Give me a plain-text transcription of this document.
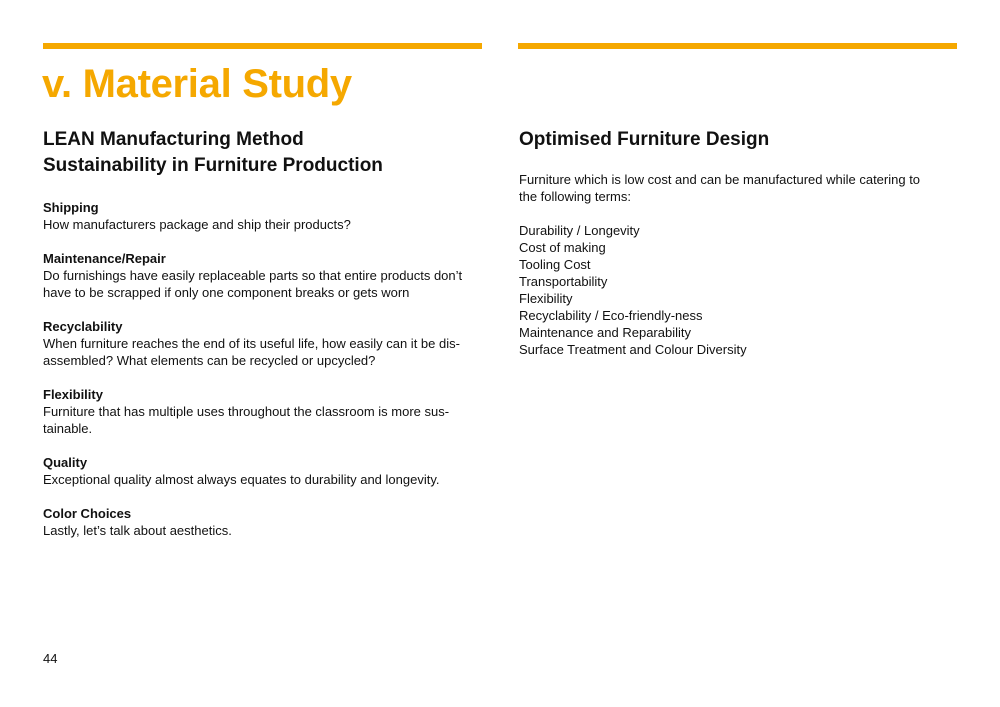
v. Material Study
LEAN Manufacturing Method
Sustainability in Furniture Production
Shipping
How manufacturers package and ship their products?
Maintenance/Repair
Do furnishings have easily replaceable parts so that entire products don’t have to be scrapped if only one component breaks or gets worn
Recyclability
When furniture reaches the end of its useful life, how easily can it be dis-assembled? What elements can be recycled or upcycled?
Flexibility
Furniture that has multiple uses throughout the classroom is more sus-tainable.
Quality
Exceptional quality almost always equates to durability and longevity.
Color Choices
Lastly, let’s talk about aesthetics.
Optimised Furniture Design

Furniture which is low cost and can be manufactured while catering to the following terms:

Durability / Longevity
Cost of making
Tooling Cost
Transportability
Flexibility
Recyclability / Eco-friendly-ness
Maintenance and Reparability
Surface Treatment and Colour Diversity
44
